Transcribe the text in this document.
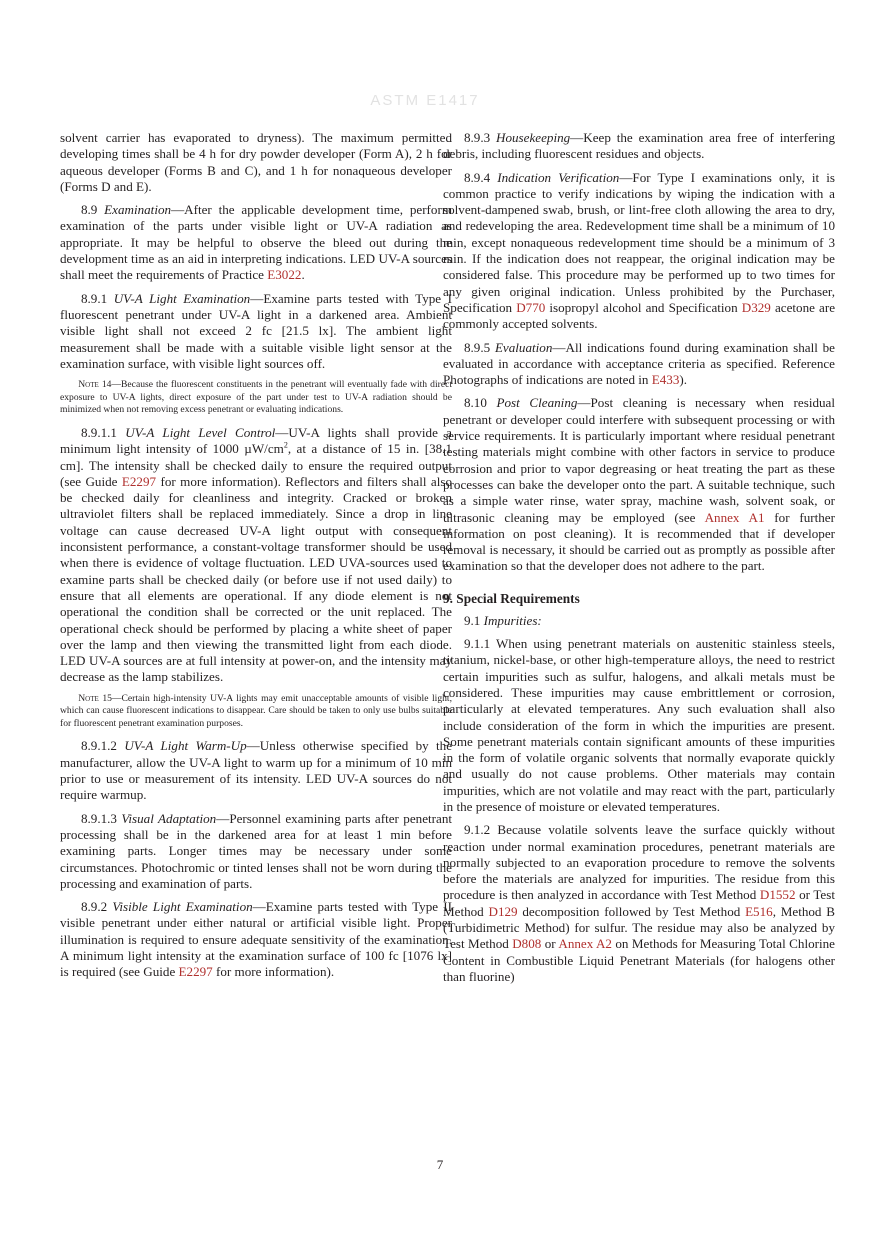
ASTM E1417

solvent carrier has evaporated to dryness). The maximum permitted developing times shall be 4 h for dry powder developer (Form A), 2 h for aqueous developer (Forms B and C), and 1 h for nonaqueous developer (Forms D and E).

8.9 Examination—After the applicable development time, perform examination of the parts under visible light or UV-A radiation as appropriate. It may be helpful to observe the bleed out during the development time as an aid in interpreting indications. LED UV-A sources shall meet the requirements of Practice E3022.

8.9.1 UV-A Light Examination—Examine parts tested with Type I fluorescent penetrant under UV-A light in a darkened area. Ambient visible light shall not exceed 2 fc [21.5 lx]. The ambient light measurement shall be made with a suitable visible light sensor at the examination surface, with visible light sources off.

Note 14—Because the fluorescent constituents in the penetrant will eventually fade with direct exposure to UV-A lights, direct exposure of the part under test to UV-A radiation should be minimized when not removing excess penetrant or evaluating indications.

8.9.1.1 UV-A Light Level Control—UV-A lights shall provide a minimum light intensity of 1000 $\mu W/cm^2$, at a distance of 15 in. [38.1 cm]. The intensity shall be checked daily to ensure the required output (see Guide E2297 for more information). Reflectors and filters shall also be checked daily for cleanliness and integrity. Cracked or broken ultraviolet filters shall be replaced immediately. Since a drop in line voltage can cause decreased UV-A light output with consequent inconsistent performance, a constant-voltage transformer should be used when there is evidence of voltage fluctuation. LED UVA-sources used to examine parts shall be checked daily (or before use if not used daily) to ensure that all elements are operational. If any diode element is not operational the condition shall be corrected or the unit replaced. The operational check should be performed by placing a white sheet of paper over the lamp and then viewing the transmitted light from each diode. LED UV-A sources are at full intensity at power-on, and the intensity may decrease as the lamp stabilizes.

Note 15—Certain high-intensity UV-A lights may emit unacceptable amounts of visible light, which can cause fluorescent indications to disappear. Care should be taken to only use bulbs suitable for fluorescent penetrant examination purposes.

8.9.1.2 UV-A Light Warm-Up—Unless otherwise specified by the manufacturer, allow the UV-A light to warm up for a minimum of 10 min prior to use or measurement of its intensity. LED UV-A sources do not require warmup.

8.9.1.3 Visual Adaptation—Personnel examining parts after penetrant processing shall be in the darkened area for at least 1 min before examining parts. Longer times may be necessary under some circumstances. Photochromic or tinted lenses shall not be worn during the processing and examination of parts.

8.9.2 Visible Light Examination—Examine parts tested with Type II visible penetrant under either natural or artificial visible light. Proper illumination is required to ensure adequate sensitivity of the examination. A minimum light intensity at the examination surface of 100 fc [1076 lx] is required (see Guide E2297 for more information).

8.9.3 Housekeeping—Keep the examination area free of interfering debris, including fluorescent residues and objects.

8.9.4 Indication Verification—For Type I examinations only, it is common practice to verify indications by wiping the indication with a solvent-dampened swab, brush, or lint-free cloth allowing the area to dry, and redeveloping the area. Redevelopment time shall be a minimum of 10 min, except nonaqueous redevelopment time should be a minimum of 3 min. If the indication does not reappear, the original indication may be considered false. This procedure may be performed up to two times for any given original indication. Unless prohibited by the Purchaser, Specification D770 isopropyl alcohol and Specification D329 acetone are commonly accepted solvents.

8.9.5 Evaluation—All indications found during examination shall be evaluated in accordance with acceptance criteria as specified. Reference Photographs of indications are noted in E433).

8.10 Post Cleaning—Post cleaning is necessary when residual penetrant or developer could interfere with subsequent processing or with service requirements. It is particularly important where residual penetrant testing materials might combine with other factors in service to produce corrosion and prior to vapor degreasing or heat treating the part as these processes can bake the developer onto the part. A suitable technique, such as a simple water rinse, water spray, machine wash, solvent soak, or ultrasonic cleaning may be employed (see Annex A1 for further information on post cleaning). It is recommended that if developer removal is necessary, it should be carried out as promptly as possible after examination so that the developer does not adhere to the part.

9. Special Requirements

9.1 Impurities:

9.1.1 When using penetrant materials on austenitic stainless steels, titanium, nickel-base, or other high-temperature alloys, the need to restrict certain impurities such as sulfur, halogens, and alkali metals must be considered. These impurities may cause embrittlement or corrosion, particularly at elevated temperatures. Any such evaluation shall also include consideration of the form in which the impurities are present. Some penetrant materials contain significant amounts of these impurities in the form of volatile organic solvents that normally evaporate quickly and usually do not cause problems. Other materials may contain impurities, which are not volatile and may react with the part, particularly in the presence of moisture or elevated temperatures.

9.1.2 Because volatile solvents leave the surface quickly without reaction under normal examination procedures, penetrant materials are normally subjected to an evaporation procedure to remove the solvents before the materials are analyzed for impurities. The residue from this procedure is then analyzed in accordance with Test Method D1552 or Test Method D129 decomposition followed by Test Method E516, Method B (Turbidimetric Method) for sulfur. The residue may also be analyzed by Test Method D808 or Annex A2 on Methods for Measuring Total Chlorine Content in Combustible Liquid Penetrant Materials (for halogens other than fluorine)

7
